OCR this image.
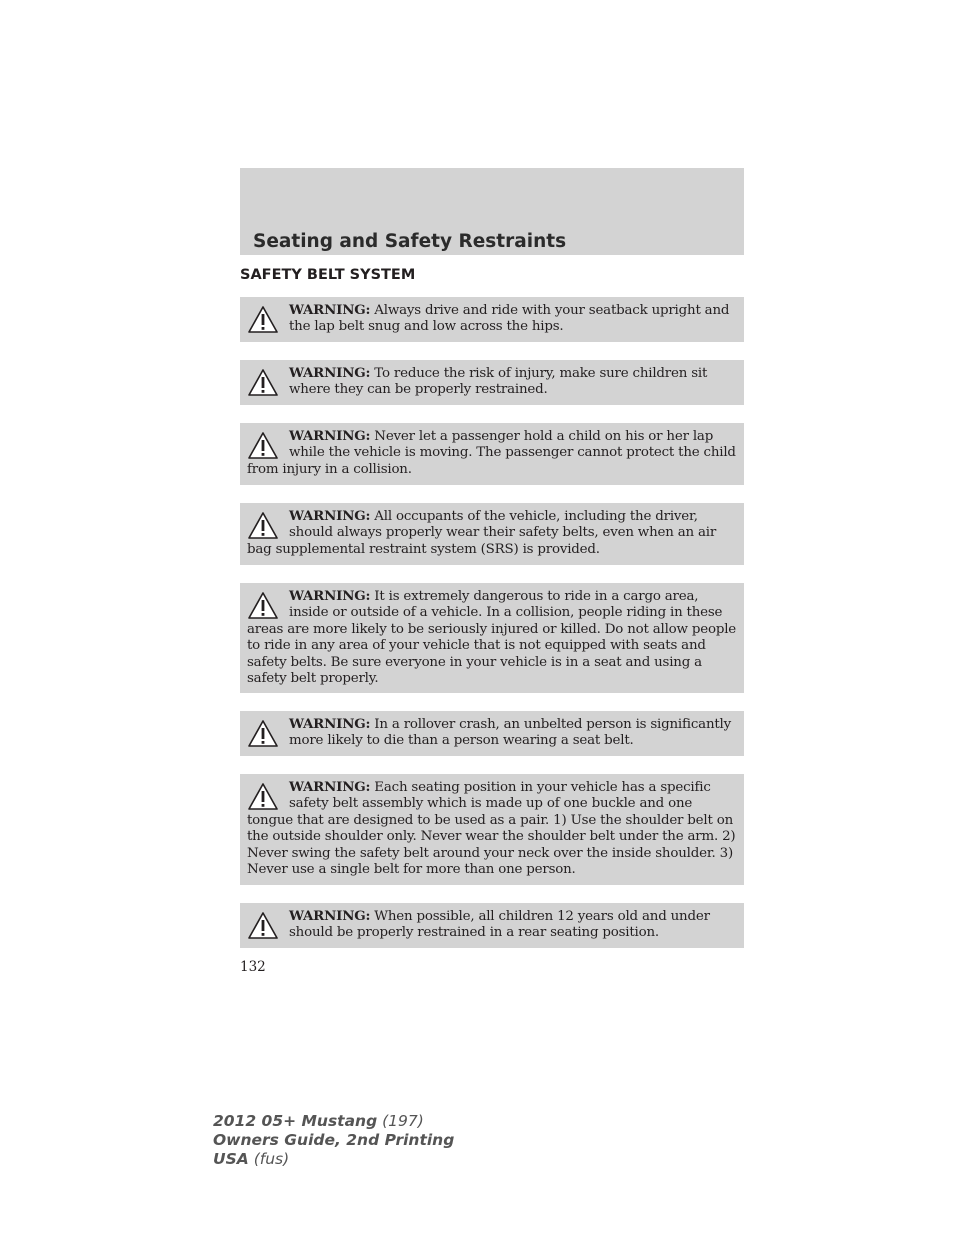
Seating and Safety Restraints
SAFETY BELT SYSTEM

WARNING: Always drive and ride with your seatback upright and the lap belt snug and low across the hips.

WARNING: To reduce the risk of injury, make sure children sit where they can be properly restrained.

WARNING: Never let a passenger hold a child on his or her lap while the vehicle is moving. The passenger cannot protect the child from injury in a collision.

WARNING: All occupants of the vehicle, including the driver, should always properly wear their safety belts, even when an air bag supplemental restraint system (SRS) is provided.

WARNING: It is extremely dangerous to ride in a cargo area, inside or outside of a vehicle. In a collision, people riding in these areas are more likely to be seriously injured or killed. Do not allow people to ride in any area of your vehicle that is not equipped with seats and safety belts. Be sure everyone in your vehicle is in a seat and using a safety belt properly.

WARNING: In a rollover crash, an unbelted person is significantly more likely to die than a person wearing a seat belt.

WARNING: Each seating position in your vehicle has a specific safety belt assembly which is made up of one buckle and one tongue that are designed to be used as a pair. 1) Use the shoulder belt on the outside shoulder only. Never wear the shoulder belt under the arm. 2) Never swing the safety belt around your neck over the inside shoulder. 3) Never use a single belt for more than one person.

WARNING: When possible, all children 12 years old and under should be properly restrained in a rear seating position.

132
2012 05+ Mustang (197)
Owners Guide, 2nd Printing
USA (fus)
